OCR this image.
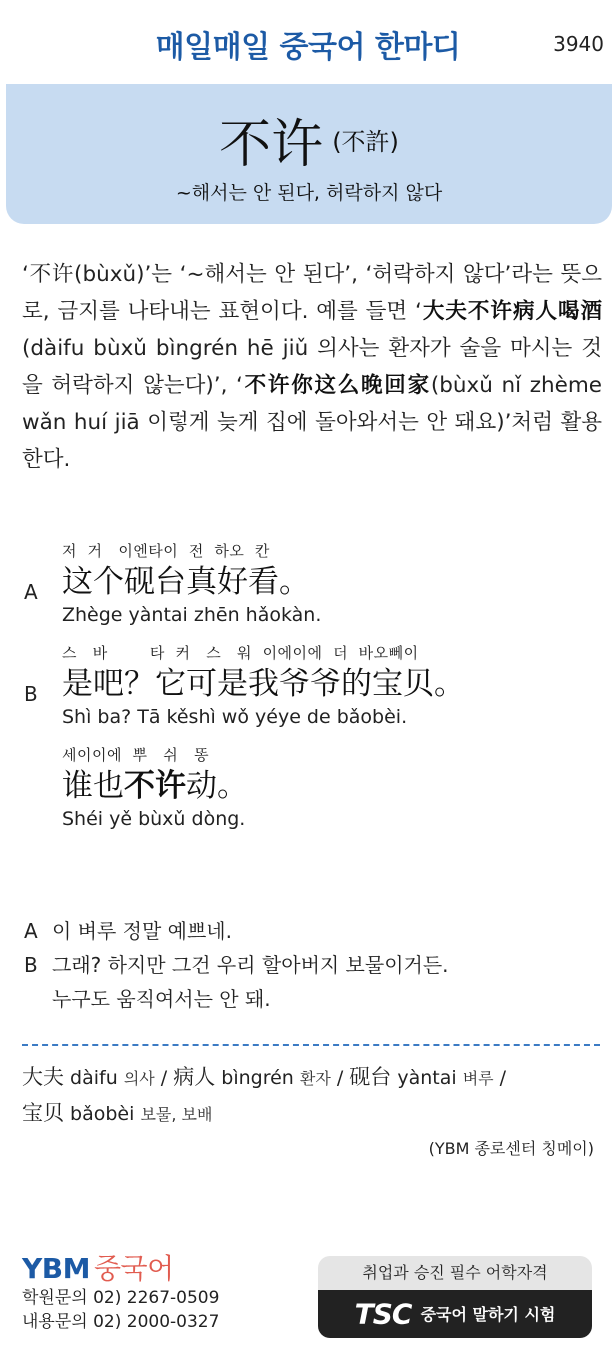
매일매일 중국어 한마디	3940
不许 (不許)
~해서는 안 된다, 허락하지 않다
‘不许(bùxǔ)’는 ‘~해서는 안 된다’, ‘허락하지 않다’라는 뜻으로, 금지를 나타내는 표현이다. 예를 들면 ‘大夫不许病人喝酒(dàifu bùxǔ bìngrén hē jiǔ 의사는 환자가 술을 마시는 것을 허락하지 않는다)’, ‘不许你这么晚回家(bùxǔ nǐ zhème wǎn huí jiā 이렇게 늦게 집에 돌아와서는 안 돼요)’처럼 활용한다.
A
저  거   이엔타이  전  하오  칸
这个砚台真好看。
Zhège yàntai zhēn hǎokàn.
B
스   바        타  커   스   워  이에이에  더  바오뻬이
是吧？它可是我爷爷的宝贝。
Shì ba? Tā kěshì wǒ yéye de bǎobèi.
세이이에  뿌   쉬   똥
谁也不许动。
Shéi yě bùxǔ dòng.
A 이 벼루 정말 예쁘네.
B 그래? 하지만 그건 우리 할아버지 보물이거든.
누구도 움직여서는 안 돼.
大夫 dàifu 의사 / 病人 bìngrén 환자 / 砚台 yàntai 벼루 /
宝贝 bǎobèi 보물, 보배
(YBM 종로센터 칭메이)
YBM 중국어
학원문의 02) 2267-0509
내용문의 02) 2000-0327
취업과 승진 필수 어학자격
TSC 중국어 말하기 시험
